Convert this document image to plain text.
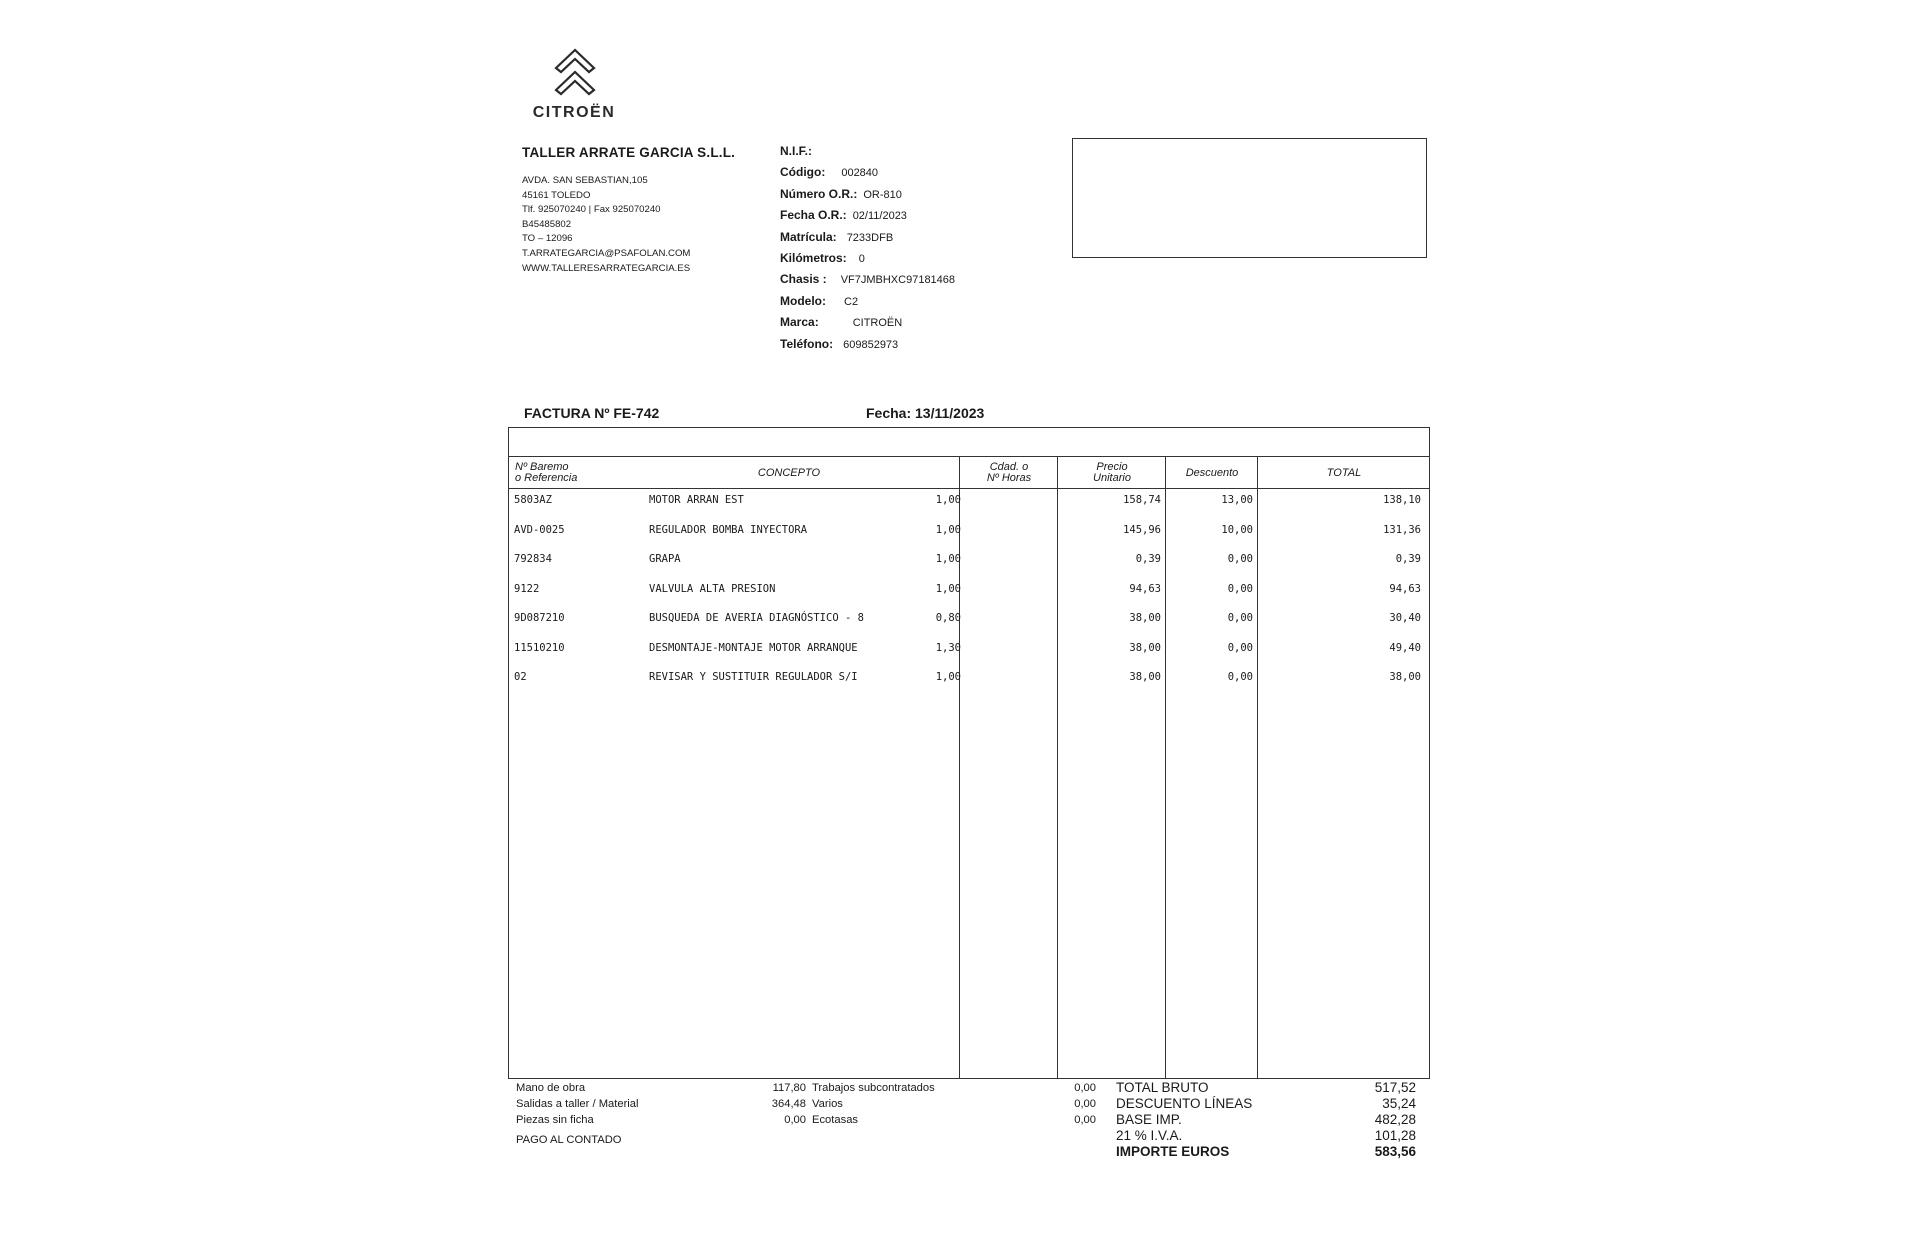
CITROËN
TALLER ARRATE GARCIA S.L.L.
AVDA. SAN SEBASTIAN,105
45161 TOLEDO
Tlf. 925070240 | Fax 925070240
B45485802
TO – 12096
T.ARRATEGARCIA@PSAFOLAN.COM
WWW.TALLERESARRATEGARCIA.ES
N.I.F.:
Código: 002840
Número O.R.: OR-810
Fecha O.R.: 02/11/2023
Matrícula: 7233DFB
Kilómetros: 0
Chasis : VF7JMBHXC97181468
Modelo: C2
Marca:	CITROËN
Teléfono: 609852973
FACTURA Nº FE-742	Fecha: 13/11/2023
Nº Baremo
o Referencia	CONCEPTO	Cdad. o
Nº Horas
Precio
Unitario	Descuento	TOTAL
5803AZ	MOTOR ARRAN EST	1,00	158,74	13,00	138,10
AVD-0025	REGULADOR BOMBA INYECTORA	1,00	145,96	10,00	131,36
792834	GRAPA	1,00	0,39	0,00	0,39
9122	VALVULA ALTA PRESION	1,00	94,63	0,00	94,63
9D087210	BUSQUEDA DE AVERIA DIAGNÓSTICO - 8	0,80	38,00	0,00	30,40
11510210	DESMONTAJE-MONTAJE MOTOR ARRANQUE	1,30	38,00	0,00	49,40
02	REVISAR Y SUSTITUIR REGULADOR S/I	1,00	38,00	0,00	38,00
Mano de obra	117,80
Salidas a taller / Material	364,48
Piezas sin ficha	0,00
PAGO AL CONTADO
Trabajos subcontratados	0,00
Varios	0,00
Ecotasas	0,00
TOTAL BRUTO	517,52
DESCUENTO LÍNEAS	35,24
BASE IMP.	482,28
21 % I.V.A.	101,28
IMPORTE EUROS	583,56
